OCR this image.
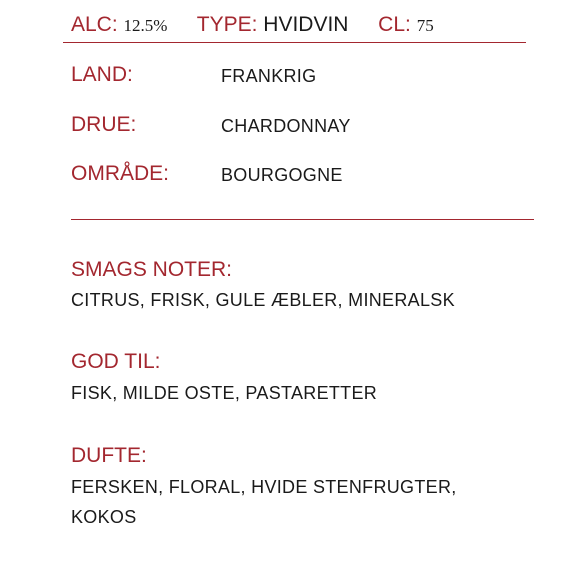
ALC: 12.5% TYPE: HVIDVIN CL: 75
LAND:	FRANKRIG
DRUE:	CHARDONNAY
OMRÅDE:	BOURGOGNE
SMAGS NOTER:
CITRUS, FRISK, GULE ÆBLER, MINERALSK
GOD TIL:
FISK, MILDE OSTE, PASTARETTER
DUFTE:
FERSKEN, FLORAL, HVIDE STENFRUGTER, KOKOS
